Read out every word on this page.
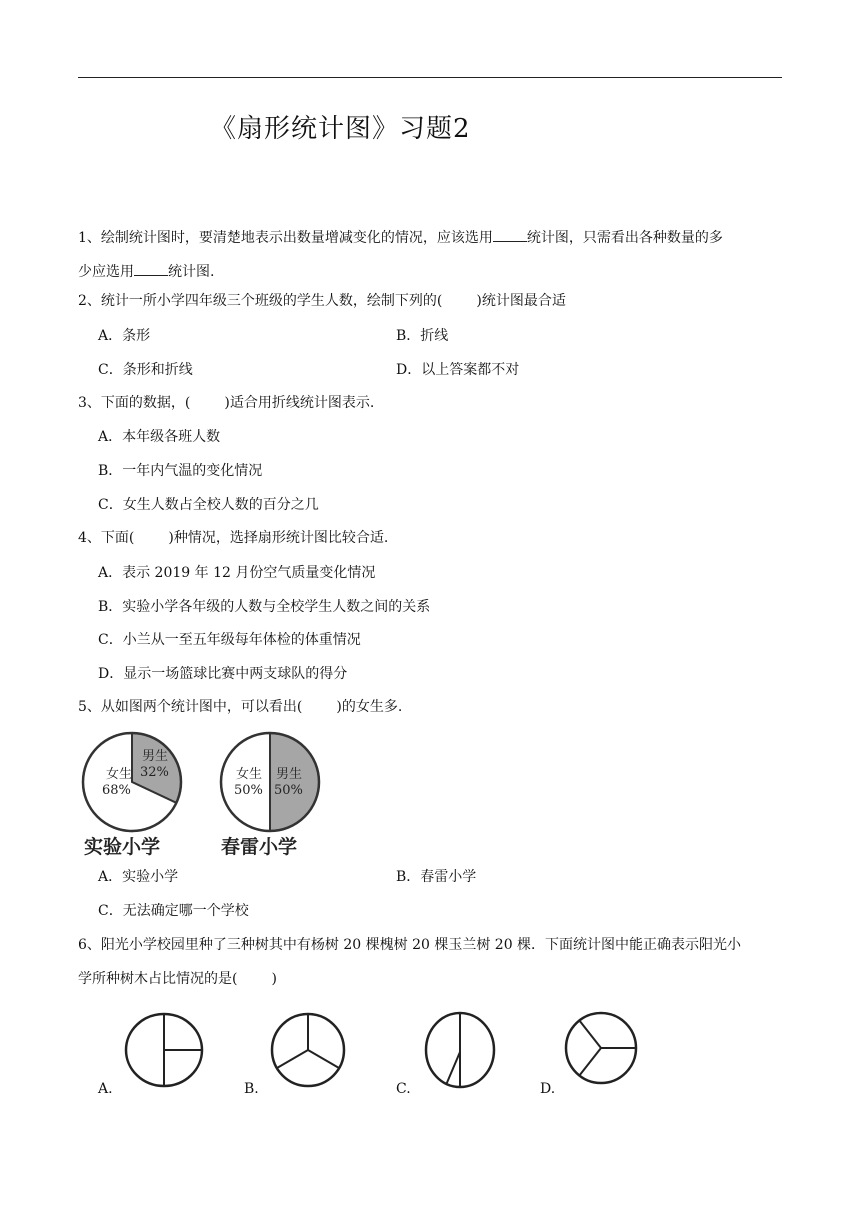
《扇形统计图》习题2
1、绘制统计图时，要清楚地表示出数量增减变化的情况，应该选用 统计图，只需看出各种数量的多
少应选用 统计图.
2、统计一所小学四年级三个班级的学生人数，绘制下列的( )统计图最合适
A．条形	B．折线
C．条形和折线	D．以上答案都不对
3、下面的数据，( )适合用折线统计图表示.
A．本年级各班人数
B．一年内气温的变化情况
C．女生人数占全校人数的百分之几
4、下面( )种情况，选择扇形统计图比较合适.
A．表示 2019 年 12 月份空气质量变化情况
B．实验小学各年级的人数与全校学生人数之间的关系
C．小兰从一至五年级每年体检的体重情况
D．显示一场篮球比赛中两支球队的得分
5、从如图两个统计图中，可以看出( )的女生多.
女生
68%
男生
32%
实验小学
女生
50%
男生
50%
春雷小学
A．实验小学	B．春雷小学
C．无法确定哪一个学校
6、阳光小学校园里种了三种树其中有杨树 20 棵槐树 20 棵玉兰树 20 棵．下面统计图中能正确表示阳光小
学所种树木占比情况的是( )
A.	B.	C.	D.
